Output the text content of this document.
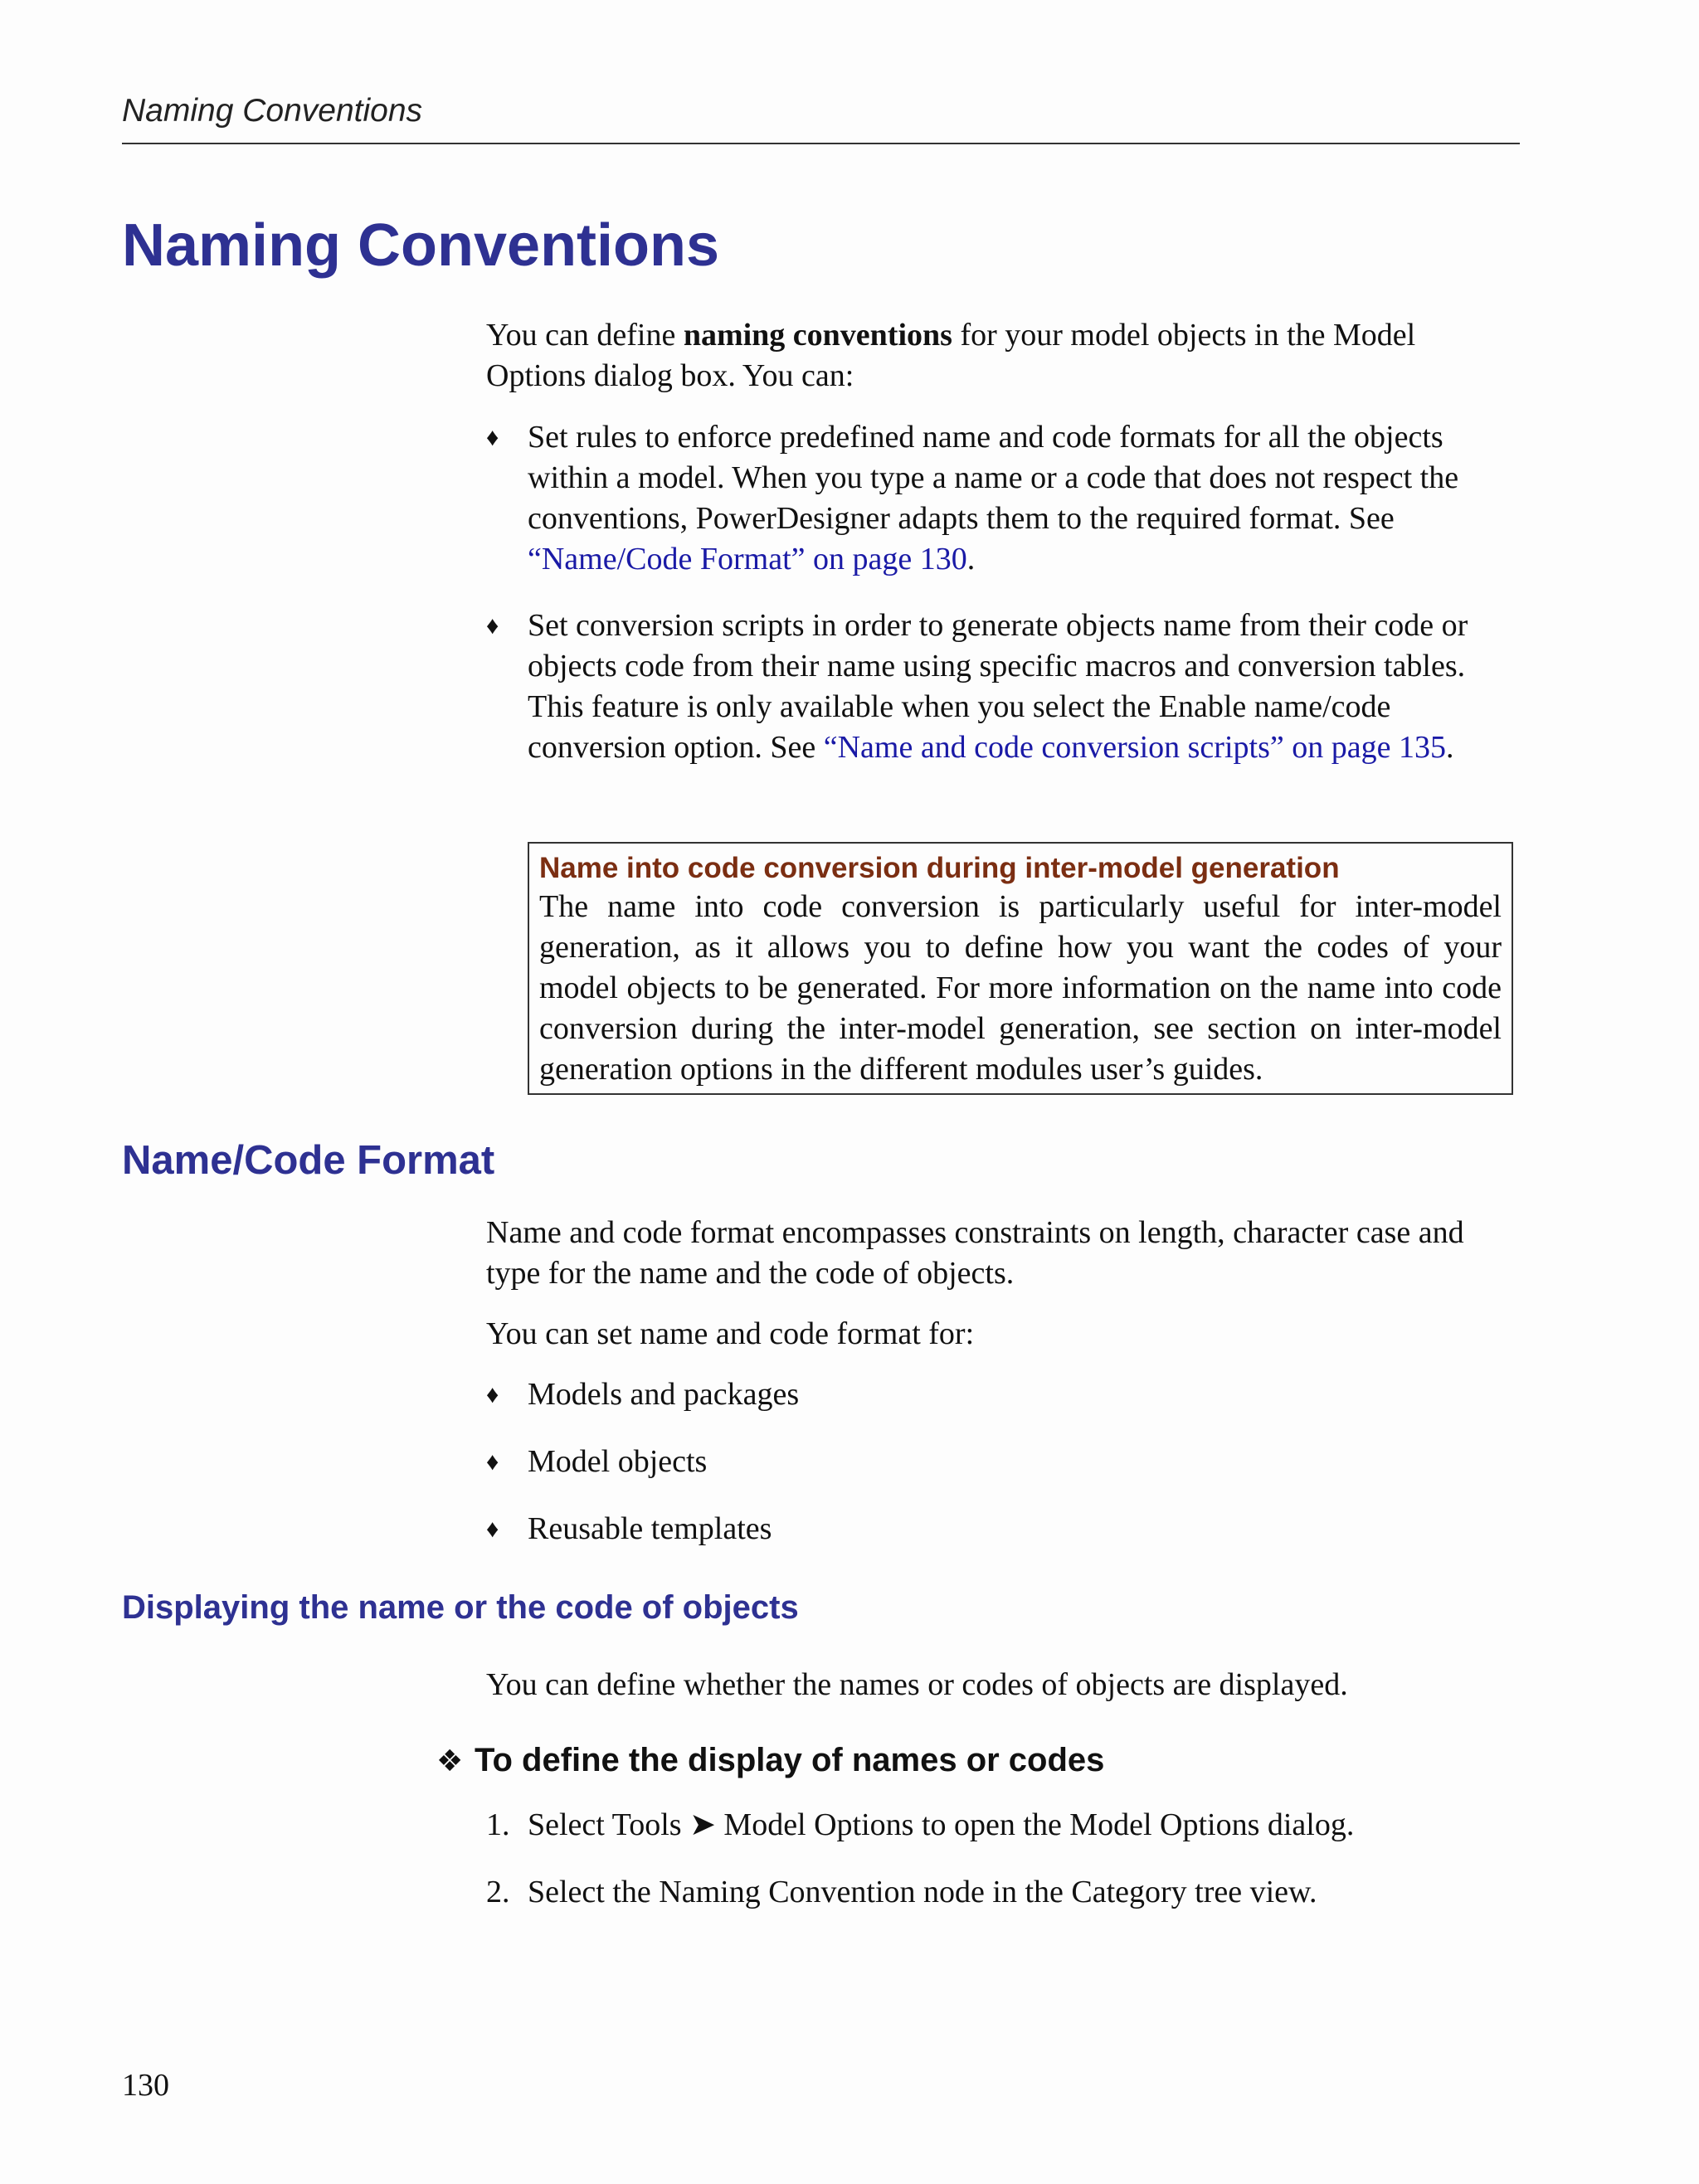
Naming Conventions
Naming Conventions

You can define naming conventions for your model objects in the Model Options dialog box. You can:

♦ Set rules to enforce predefined name and code formats for all the objects within a model. When you type a name or a code that does not respect the conventions, PowerDesigner adapts them to the required format. See “Name/Code Format” on page 130.
♦ Set conversion scripts in order to generate objects name from their code or objects code from their name using specific macros and conversion tables. This feature is only available when you select the Enable name/code conversion option. See “Name and code conversion scripts” on page 135.
Name into code conversion during inter-model generation
The name into code conversion is particularly useful for inter-model generation, as it allows you to define how you want the codes of your model objects to be generated. For more information on the name into code conversion during the inter-model generation, see section on inter-model generation options in the different modules user’s guides.
Name/Code Format

Name and code format encompasses constraints on length, character case and type for the name and the code of objects.

You can set name and code format for:

♦ Models and packages
♦ Model objects
♦ Reusable templates
Displaying the name or the code of objects

You can define whether the names or codes of objects are displayed.

❖ To define the display of names or codes
1. Select Tools ➤ Model Options to open the Model Options dialog.
2. Select the Naming Convention node in the Category tree view.
130
